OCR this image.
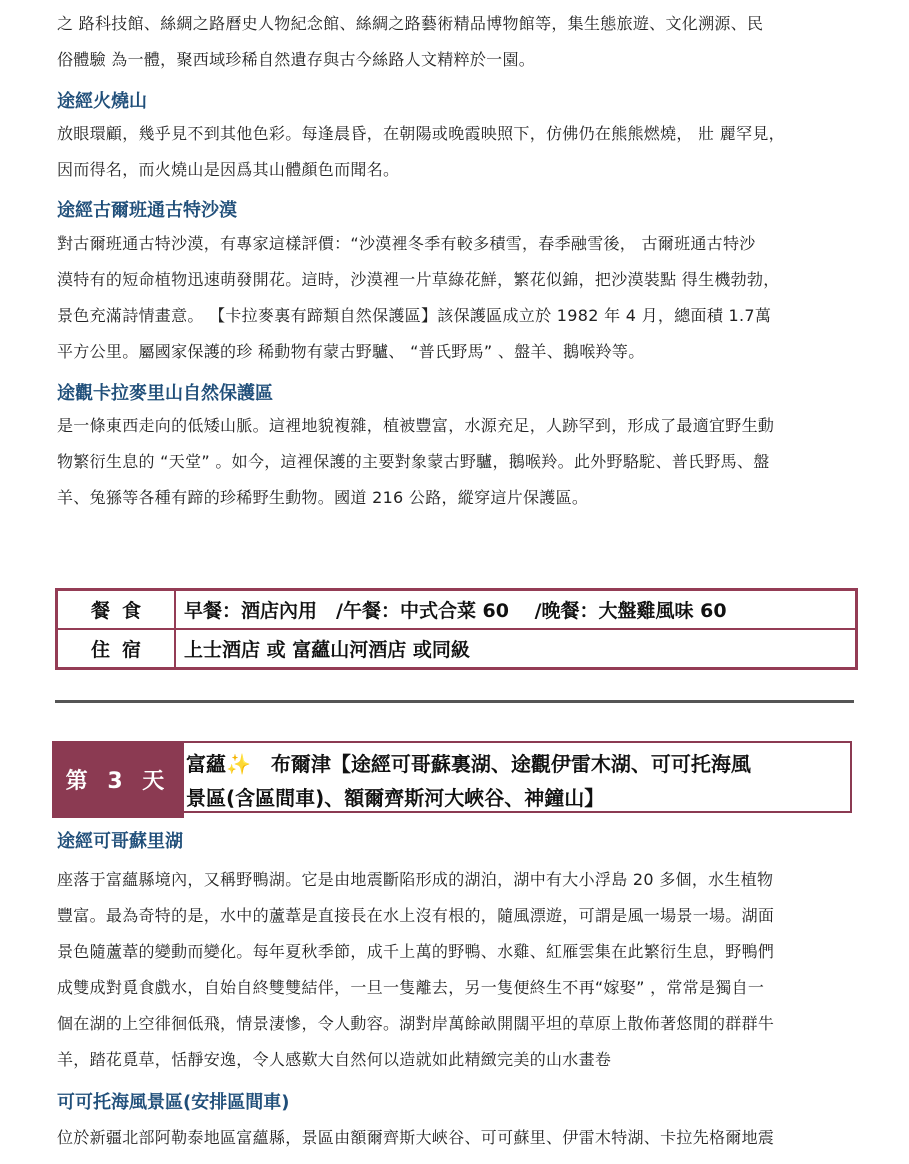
之 路科技館、絲綢之路曆史人物紀念館、絲綢之路藝術精品博物館等，集生態旅遊、文化溯源、民
俗體驗 為一體，聚西域珍稀自然遺存與古今絲路人文精粹於一園。
途經火燒山
放眼環顧，幾乎見不到其他色彩。每逢晨昏，在朝陽或晚霞映照下，仿佛仍在熊熊燃燒， 壯 麗罕見，
因而得名，而火燒山是因爲其山體顏色而聞名。
途經古爾班通古特沙漠
對古爾班通古特沙漠，有專家這樣評價：“沙漠裡冬季有較多積雪，春季融雪後， 古爾班通古特沙
漠特有的短命植物迅速萌發開花。這時，沙漠裡一片草綠花鮮，繁花似錦，把沙漠裝點 得生機勃勃，
景色充滿詩情畫意。 【卡拉麥裏有蹄類自然保護區】該保護區成立於 1982 年 4 月，總面積 1.7萬
平方公里。屬國家保護的珍 稀動物有蒙古野驢、 “普氏野馬” 、盤羊、鵝喉羚等。
途觀卡拉麥里山自然保護區
是一條東西走向的低矮山脈。這裡地貌複雜，植被豐富，水源充足，人跡罕到，形成了最適宜野生動
物繁衍生息的 “天堂” 。如今，這裡保護的主要對象蒙古野驢，鵝喉羚。此外野駱駝、普氏野馬、盤
羊、兔猻等各種有蹄的珍稀野生動物。國道 216 公路，縱穿這片保護區。
餐食	早餐：酒店內用　/午餐：中式合菜 60　 /晚餐：大盤雞風味 60
住宿	上士酒店 或 富蘊山河酒店 或同級
第 3 天
富蘊✨　布爾津【途經可哥蘇裏湖、途觀伊雷木湖、可可托海風
景區(含區間車)、額爾齊斯河大峽谷、神鐘山】
途經可哥蘇里湖
座落于富蘊縣境內，又稱野鴨湖。它是由地震斷陷形成的湖泊，湖中有大小浮島 20 多個，水生植物
豐富。最為奇特的是，水中的蘆葦是直接長在水上沒有根的，隨風漂遊，可謂是風一場景一場。湖面
景色隨蘆葦的變動而變化。每年夏秋季節，成千上萬的野鴨、水雞、紅雁雲集在此繁衍生息，野鴨們
成雙成對覓食戲水，自始自終雙雙結伴，一旦一隻離去，另一隻便終生不再“嫁娶” ，常常是獨自一
個在湖的上空徘徊低飛，情景淒慘，令人動容。湖對岸萬餘畝開闊平坦的草原上散佈著悠閒的群群牛
羊，踏花覓草，恬靜安逸，令人感歎大自然何以造就如此精緻完美的山水畫卷
可可托海風景區(安排區間車)
位於新疆北部阿勒泰地區富蘊縣，景區由額爾齊斯大峽谷、可可蘇里、伊雷木特湖、卡拉先格爾地震
